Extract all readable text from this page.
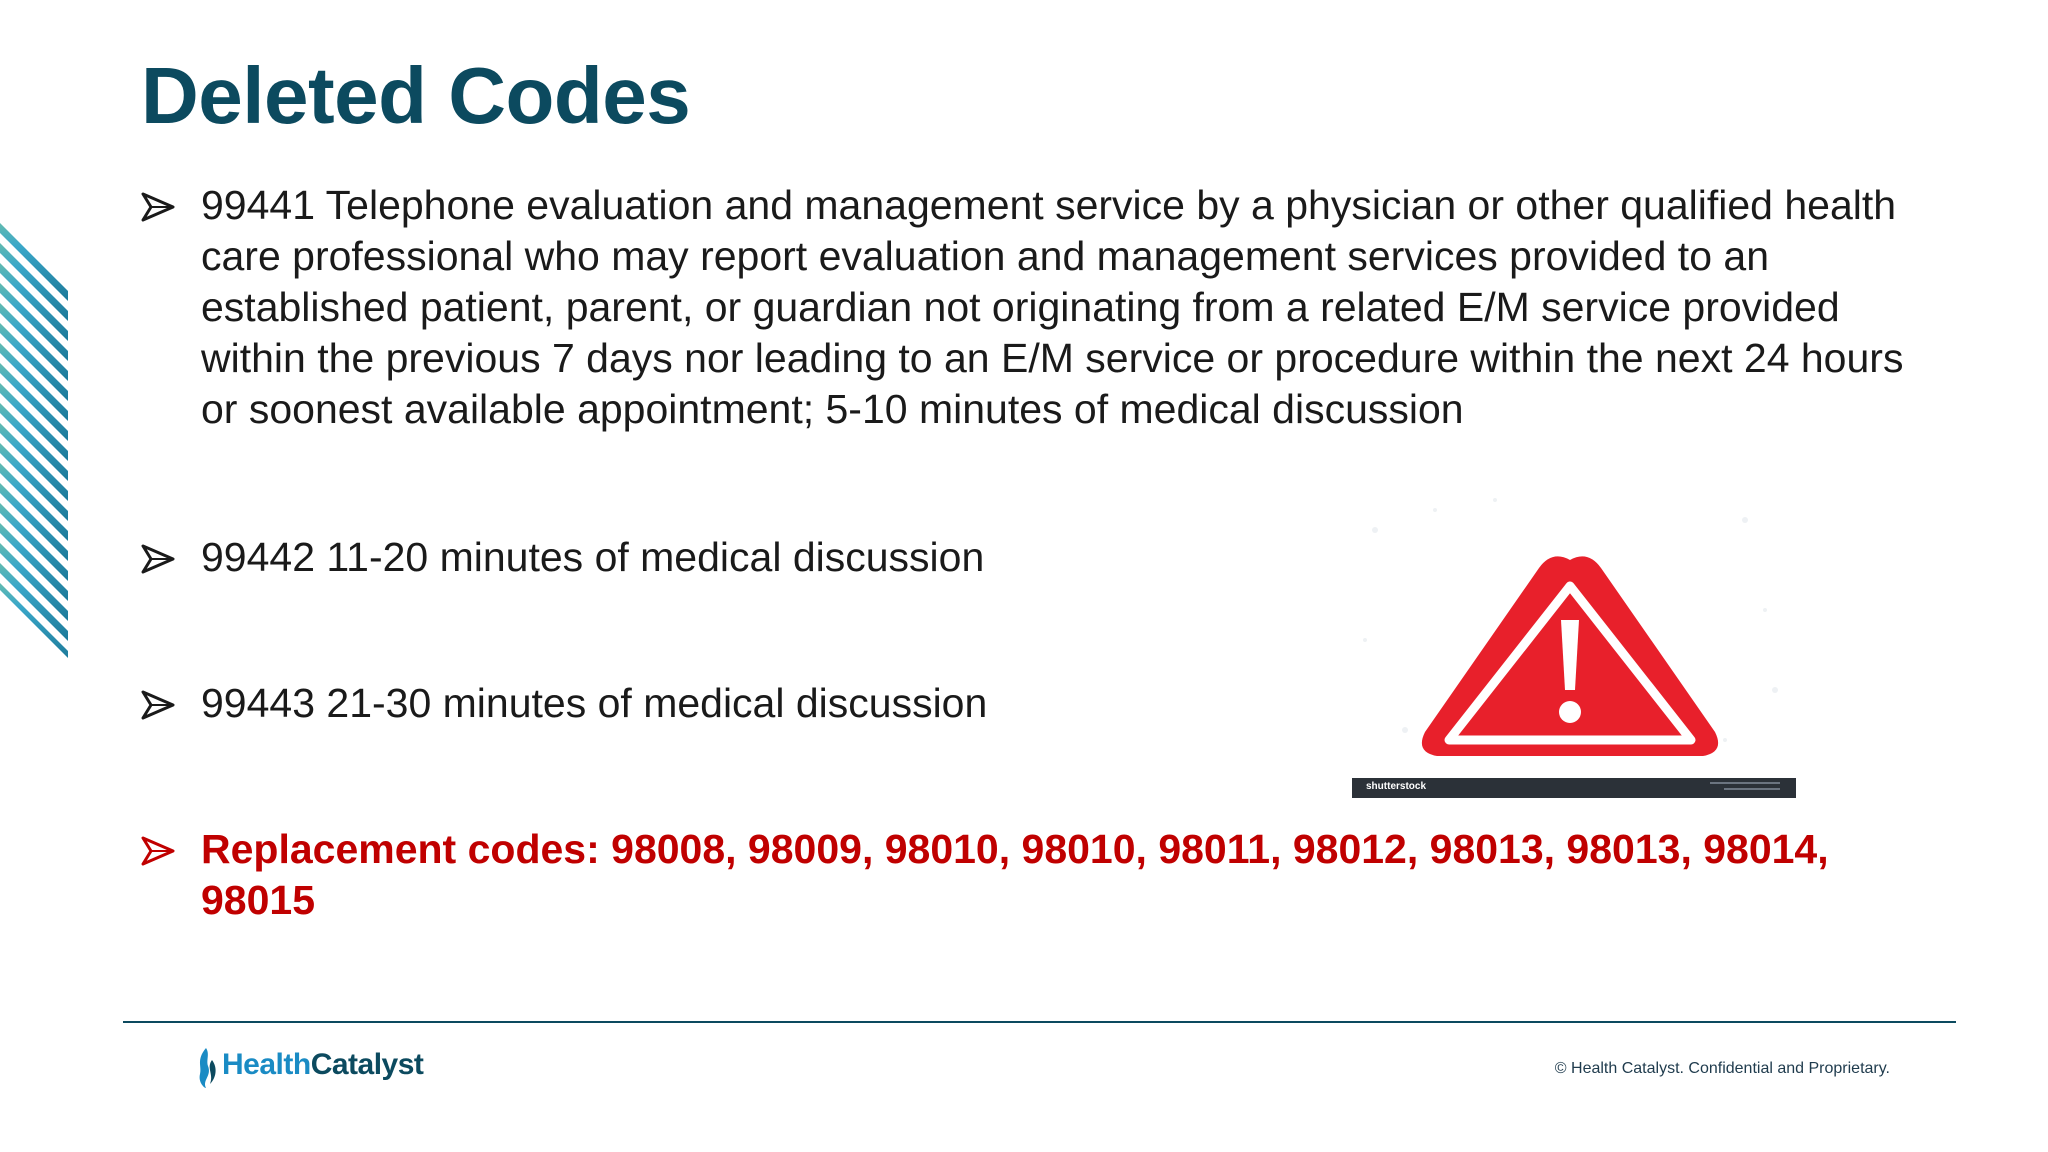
Deleted Codes
99441 Telephone evaluation and management service by a physician or other qualified health care professional who may report evaluation and management services provided to an established patient, parent, or guardian not originating from a related E/M service provided within the previous 7 days nor leading to an E/M service or procedure within the next 24 hours or soonest available appointment; 5-10 minutes of medical discussion
99442 11-20 minutes of medical discussion
99443 21-30 minutes of medical discussion
Replacement codes: 98008, 98009, 98010, 98010, 98011, 98012, 98013, 98013, 98014, 98015
shutterstock
HealthCatalyst	© Health Catalyst. Confidential and Proprietary.
